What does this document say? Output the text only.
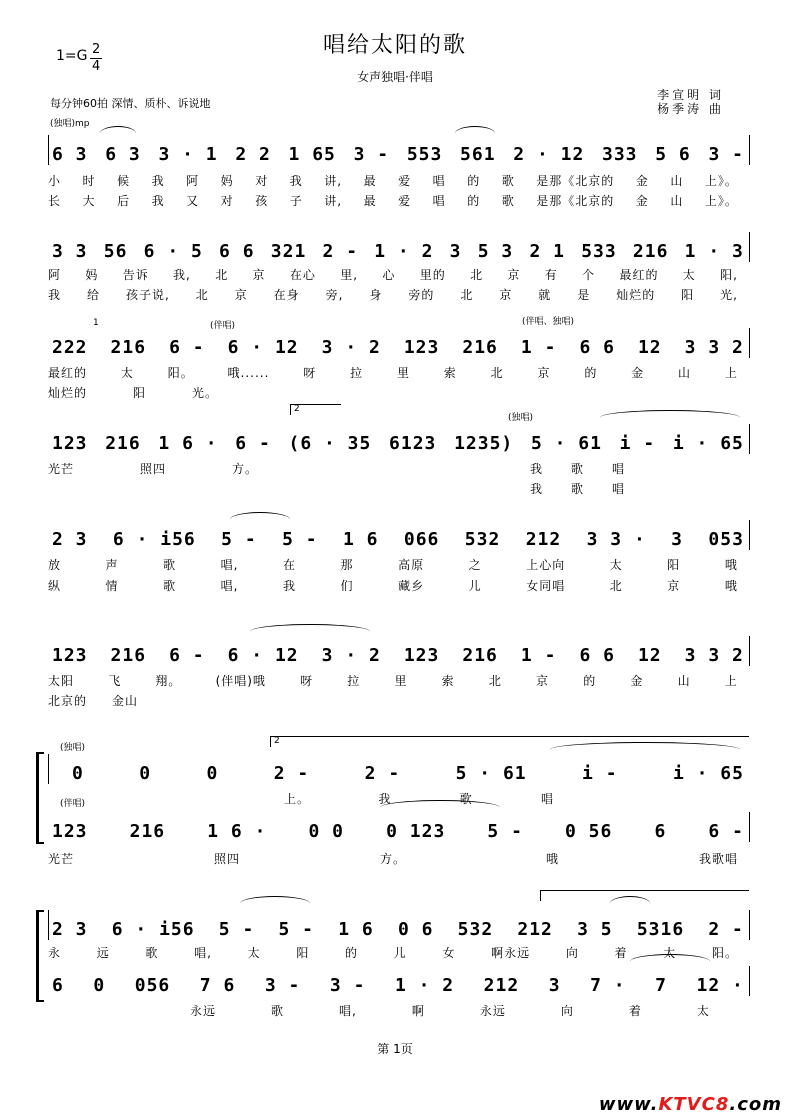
唱给太阳的歌
女声独唱·伴唱
1=G 2
4
每分钟60拍 深情、质朴、诉说地
李宣明 词
杨季涛 曲
(独唱)mp
6 3 6 3 3 · 1 2 2 1 65 3 - 553 561 2 · 12 333 5 6 3 -
小 时 候 我 阿 妈 对 我 讲, 最 爱 唱 的 歌 是那《北京的 金 山 上》。
长 大 后 我 又 对 孩 子 讲, 最 爱 唱 的 歌 是那《北京的 金 山 上》。
3 3 56 6 · 5 6 6 321 2 - 1 · 2 3 5 3 2 1 533 216 1 · 3
阿 妈 告诉 我, 北 京 在心 里, 心 里的 北 京 有 个 最红的 太 阳,
我 给 孩子说, 北 京 在身 旁, 身 旁的 北 京 就 是 灿烂的 阳 光,
(伴唱)	(伴唱、独唱)
1
222 216 6 - 6 · 12 3 · 2 123 216 1 - 6 6 12 3 3 2
最红的	太	阳。	哦......	呀	拉	里	索	北	京	的	金	山	上
灿烂的	阳	光。
2
(独唱)
123 216 1 6 · 6 - (6 · 35 6123 1235) 5 · 61 i - i · 65
光芒	照四	方。	我 歌 唱
我 歌 唱
2 3 6 · i56 5 - 5 - 1 6 066 532 212 3 3 · 3 053
放	声	歌	唱,	在	那	高原	之	上心向	太	阳	哦
纵	情	歌	唱,	我	们	藏乡	儿	女同唱	北	京	哦
123 216 6 - 6 · 12 3 · 2 123 216 1 - 6 6 12 3 3 2
太阳	飞	翔。	(伴唱)哦	呀	拉	里	索	北	京	的	金	山	上
北京的 金山
(独唱)
2
0	0	0	2 -	2 -	5 · 61	i -	i · 65
上。	我	歌	唱
(伴唱)
123 216 1 6 · 0 0 0 123 5 - 0 56 6 6 -
光芒	照四	方。	哦	我歌唱
2 3 6 · i56 5 - 5 - 1 6 0 6 532 212 3 5 5316 2 -
永	远	歌	唱,	太	阳	的	儿	女	啊永远	向	着	太	阳。
6 0 056 7 6 3 - 3 - 1 · 2 212 3 7 · 7 12 ·
永远	歌	唱,	啊	永远	向	着	太
第 1页
www.KTVC8.com
